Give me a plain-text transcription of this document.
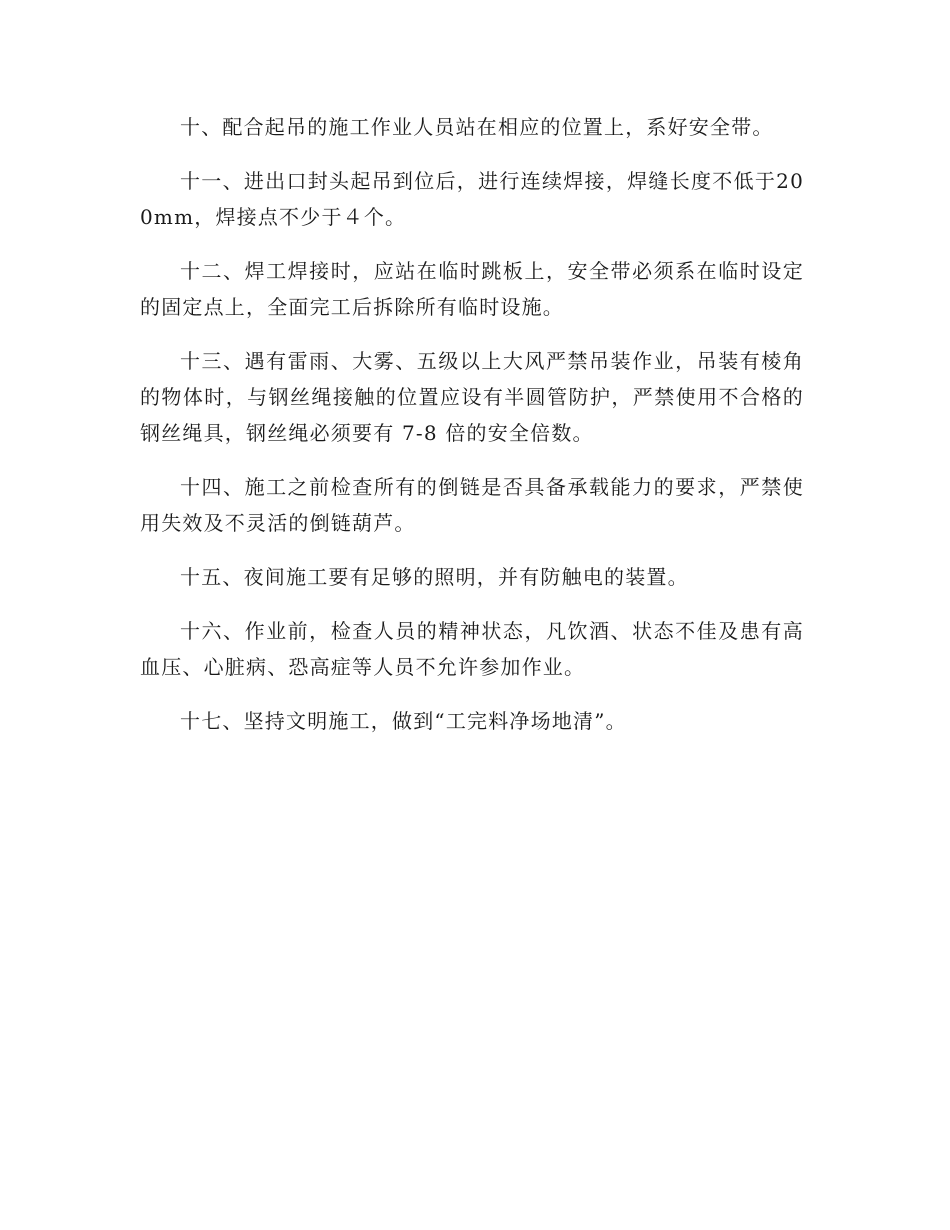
十、配合起吊的施工作业人员站在相应的位置上，系好安全带。

十一、进出口封头起吊到位后，进行连续焊接，焊缝长度不低于200mm，焊接点不少于４个。

十二、焊工焊接时，应站在临时跳板上，安全带必须系在临时设定的固定点上，全面完工后拆除所有临时设施。

十三、遇有雷雨、大雾、五级以上大风严禁吊装作业，吊装有棱角的物体时，与钢丝绳接触的位置应设有半圆管防护，严禁使用不合格的钢丝绳具，钢丝绳必须要有 7-8 倍的安全倍数。

十四、施工之前检查所有的倒链是否具备承载能力的要求，严禁使用失效及不灵活的倒链葫芦。

十五、夜间施工要有足够的照明，并有防触电的装置。

十六、作业前，检查人员的精神状态，凡饮酒、状态不佳及患有高血压、心脏病、恐高症等人员不允许参加作业。

十七、坚持文明施工，做到“工完料净场地清”。
